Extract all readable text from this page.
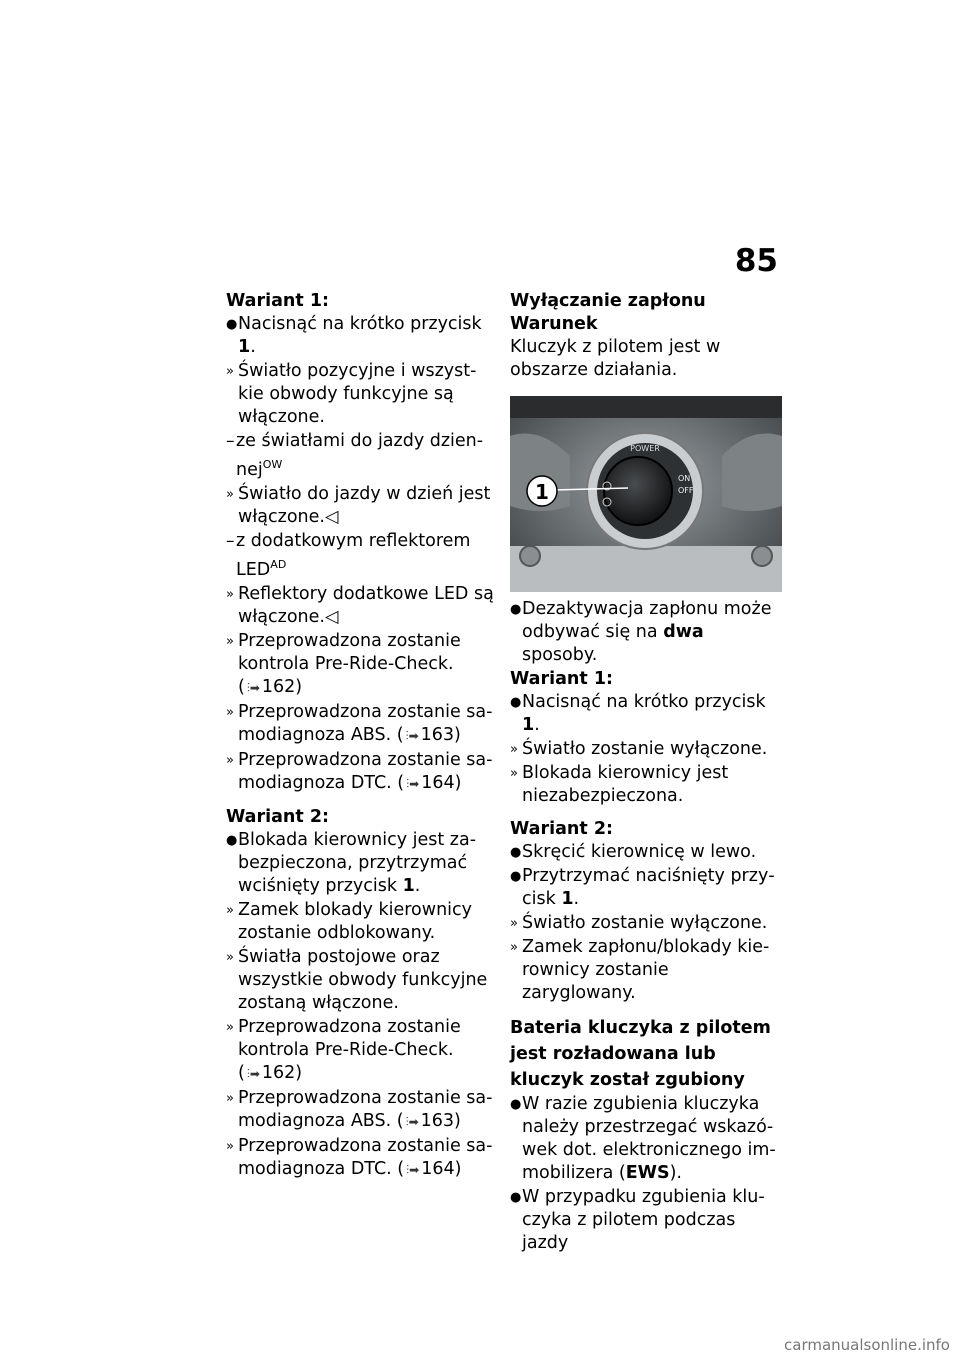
85

Wariant 1:

● Nacisnąć na krótko przycisk 1.
» Światło pozycyjne i wszystkie obwody funkcyjne są włączone.
– ze światłami do jazdy dziennej$^{OW}$
» Światło do jazdy w dzień jest włączone.◁
– z dodatkowym reflektorem $LED^{AD}$
» Reflektory dodatkowe LED są włączone.◁
» Przeprowadzona zostanie kontrola Pre-Ride-Check.
( ⫶➡ 162)
» Przeprowadzona zostanie samodiagnoza ABS. ( ⫶➡ 163)
» Przeprowadzona zostanie samodiagnoza DTC. ( ⫶➡ 164)

Wariant 2:

● Blokada kierownicy jest zabezpieczona, przytrzymać wciśnięty przycisk 1.
» Zamek blokady kierownicy zostanie odblokowany.
» Światła postojowe oraz wszystkie obwody funkcyjne zostaną włączone.
» Przeprowadzona zostanie kontrola Pre-Ride-Check.
( ⫶➡ 162)
» Przeprowadzona zostanie samodiagnoza ABS. ( ⫶➡ 163)
» Przeprowadzona zostanie samodiagnoza DTC. ( ⫶➡ 164)

Wyłączanie zapłonu

Warunek

Kluczyk z pilotem jest w obszarze działania.

POWER
ON
OFF
1
● Dezaktywacja zapłonu może odbywać się na dwa sposoby.

Wariant 1:

● Nacisnąć na krótko przycisk 1.
» Światło zostanie wyłączone.
» Blokada kierownicy jest niezabezpieczona.

Wariant 2:

● Skręcić kierownicę w lewo.
● Przytrzymać naciśnięty przycisk 1.
» Światło zostanie wyłączone.
» Zamek zapłonu/blokady kierownicy zostanie zaryglowany.

Bateria kluczyka z pilotem jest rozładowana lub kluczyk został zgubiony

● W razie zgubienia kluczyka należy przestrzegać wskazówek dot. elektronicznego immobilizera (EWS).
● W przypadku zgubienia kluczyka z pilotem podczas jazdy
carmanualsonline.info
